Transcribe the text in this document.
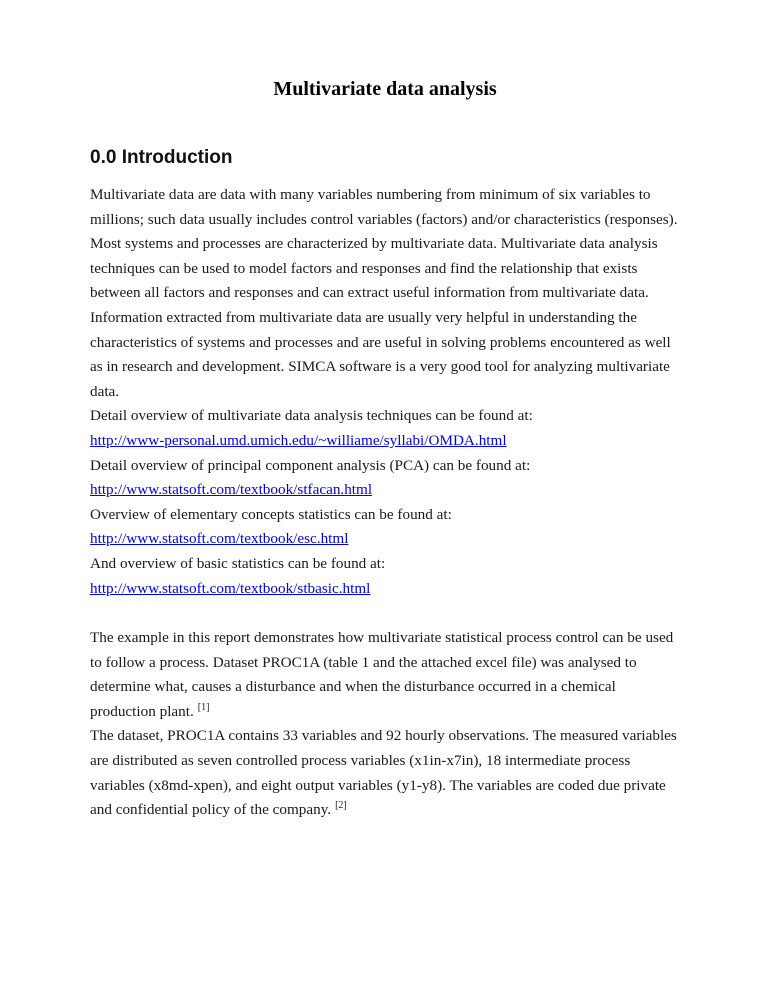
Multivariate data analysis
0.0 Introduction

Multivariate data are data with many variables numbering from minimum of six variables to millions; such data usually includes control variables (factors) and/or characteristics (responses). Most systems and processes are characterized by multivariate data. Multivariate data analysis techniques can be used to model factors and responses and find the relationship that exists between all factors and responses and can extract useful information from multivariate data. Information extracted from multivariate data are usually very helpful in understanding the characteristics of systems and processes and are useful in solving problems encountered as well as in research and development. SIMCA software is a very good tool for analyzing multivariate data.

Detail overview of multivariate data analysis techniques can be found at:

http://www-personal.umd.umich.edu/~williame/syllabi/OMDA.html

Detail overview of principal component analysis (PCA) can be found at:

http://www.statsoft.com/textbook/stfacan.html

Overview of elementary concepts statistics can be found at:

http://www.statsoft.com/textbook/esc.html

And overview of basic statistics can be found at:

http://www.statsoft.com/textbook/stbasic.html

The example in this report demonstrates how multivariate statistical process control can be used to follow a process. Dataset PROC1A (table 1 and the attached excel file) was analysed to determine what, causes a disturbance and when the disturbance occurred in a chemical production plant. [1]

The dataset, PROC1A contains 33 variables and 92 hourly observations. The measured variables are distributed as seven controlled process variables (x1in-x7in), 18 intermediate process variables (x8md-xpen), and eight output variables (y1-y8). The variables are coded due private and confidential policy of the company. [2]
